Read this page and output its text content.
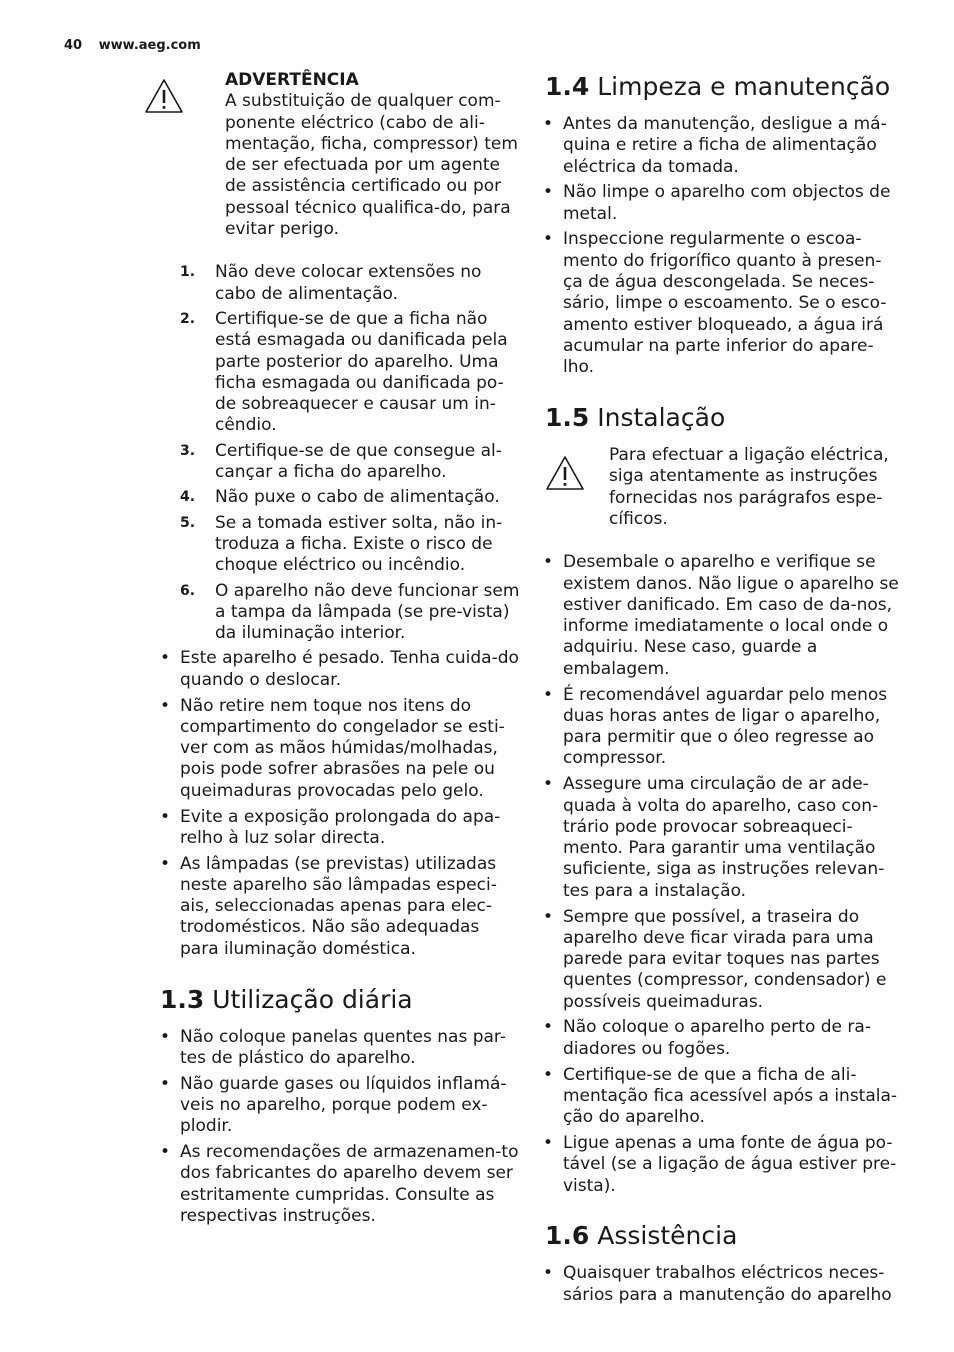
40 www.aeg.com
ADVERTÊNCIA
A substituição de qualquer com-ponente eléctrico (cabo de ali-mentação, ficha, compressor) tem de ser efectuada por um agente de assistência certificado ou por pessoal técnico qualifica-do, para evitar perigo.
1. Não deve colocar extensões no cabo de alimentação.
2. Certifique-se de que a ficha não está esmagada ou danificada pela parte posterior do aparelho. Uma ficha esmagada ou danificada po-de sobreaquecer e causar um in-cêndio.
3. Certifique-se de que consegue al-cançar a ficha do aparelho.
4. Não puxe o cabo de alimentação.
5. Se a tomada estiver solta, não in-troduza a ficha. Existe o risco de choque eléctrico ou incêndio.
6. O aparelho não deve funcionar sem a tampa da lâmpada (se pre-vista) da iluminação interior.
• Este aparelho é pesado. Tenha cuida-do quando o deslocar.
• Não retire nem toque nos itens do compartimento do congelador se esti-ver com as mãos húmidas/molhadas, pois pode sofrer abrasões na pele ou queimaduras provocadas pelo gelo.
• Evite a exposição prolongada do apa-relho à luz solar directa.
• As lâmpadas (se previstas) utilizadas neste aparelho são lâmpadas especi-ais, seleccionadas apenas para elec-trodomésticos. Não são adequadas para iluminação doméstica.
1.3 Utilização diária
• Não coloque panelas quentes nas par-tes de plástico do aparelho.
• Não guarde gases ou líquidos inflamá-veis no aparelho, porque podem ex-plodir.
• As recomendações de armazenamen-to dos fabricantes do aparelho devem ser estritamente cumpridas. Consulte as respectivas instruções.
1.4 Limpeza e manutenção
• Antes da manutenção, desligue a má-quina e retire a ficha de alimentação eléctrica da tomada.
• Não limpe o aparelho com objectos de metal.
• Inspeccione regularmente o escoa-mento do frigorífico quanto à presen-ça de água descongelada. Se neces-sário, limpe o escoamento. Se o esco-amento estiver bloqueado, a água irá acumular na parte inferior do apare-lho.
1.5 Instalação
Para efectuar a ligação eléctrica, siga atentamente as instruções fornecidas nos parágrafos espe-cíficos.
• Desembale o aparelho e verifique se existem danos. Não ligue o aparelho se estiver danificado. Em caso de da-nos, informe imediatamente o local onde o adquiriu. Nese caso, guarde a embalagem.
• É recomendável aguardar pelo menos duas horas antes de ligar o aparelho, para permitir que o óleo regresse ao compressor.
• Assegure uma circulação de ar ade-quada à volta do aparelho, caso con-trário pode provocar sobreaqueci-mento. Para garantir uma ventilação suficiente, siga as instruções relevan-tes para a instalação.
• Sempre que possível, a traseira do aparelho deve ficar virada para uma parede para evitar toques nas partes quentes (compressor, condensador) e possíveis queimaduras.
• Não coloque o aparelho perto de ra-diadores ou fogões.
• Certifique-se de que a ficha de ali-mentação fica acessível após a instala-ção do aparelho.
• Ligue apenas a uma fonte de água po-tável (se a ligação de água estiver pre-vista).
1.6 Assistência
• Quaisquer trabalhos eléctricos neces-sários para a manutenção do aparelho
